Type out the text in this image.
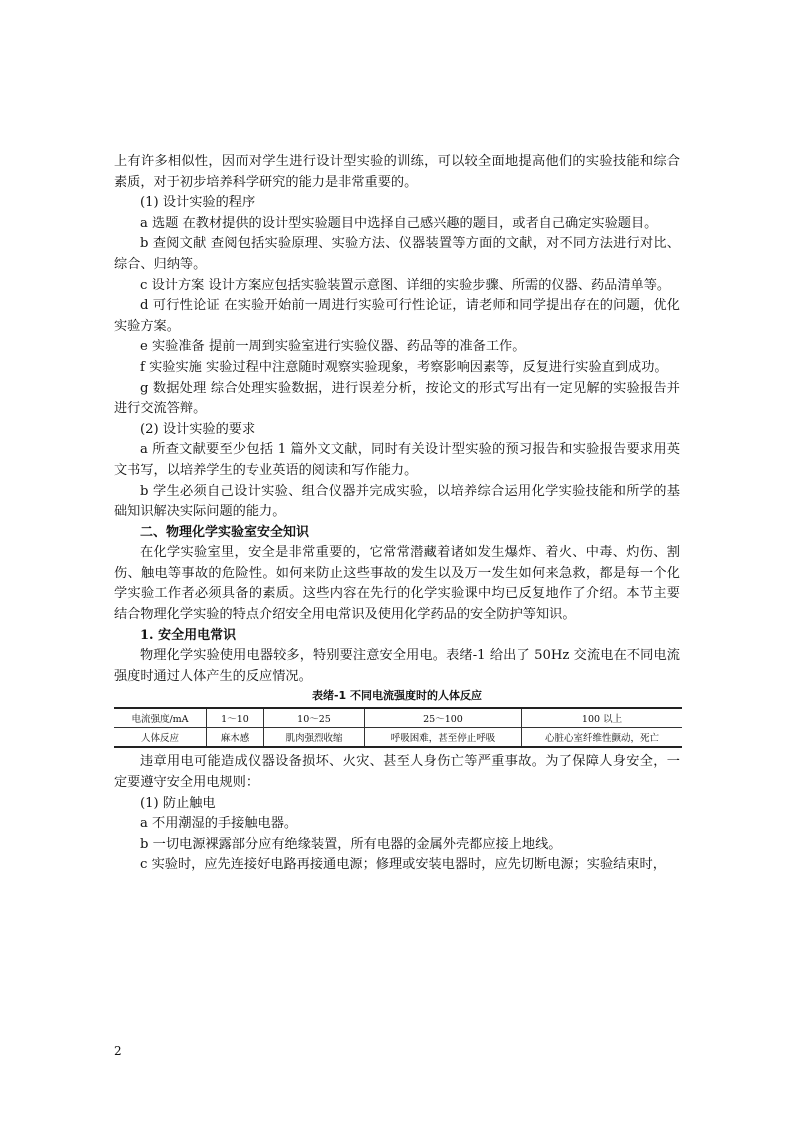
上有许多相似性，因而对学生进行设计型实验的训练，可以较全面地提高他们的实验技能和综合素质，对于初步培养科学研究的能力是非常重要的。

(1) 设计实验的程序

a 选题 在教材提供的设计型实验题目中选择自己感兴趣的题目，或者自己确定实验题目。

b 查阅文献 查阅包括实验原理、实验方法、仪器装置等方面的文献，对不同方法进行对比、综合、归纳等。

c 设计方案 设计方案应包括实验装置示意图、详细的实验步骤、所需的仪器、药品清单等。

d 可行性论证 在实验开始前一周进行实验可行性论证，请老师和同学提出存在的问题，优化实验方案。

e 实验准备 提前一周到实验室进行实验仪器、药品等的准备工作。

f 实验实施 实验过程中注意随时观察实验现象，考察影响因素等，反复进行实验直到成功。

g 数据处理 综合处理实验数据，进行误差分析，按论文的形式写出有一定见解的实验报告并进行交流答辩。

(2) 设计实验的要求

a 所查文献要至少包括 1 篇外文文献，同时有关设计型实验的预习报告和实验报告要求用英文书写，以培养学生的专业英语的阅读和写作能力。

b 学生必须自己设计实验、组合仪器并完成实验，以培养综合运用化学实验技能和所学的基础知识解决实际问题的能力。

二、物理化学实验室安全知识

在化学实验室里，安全是非常重要的，它常常潜藏着诸如发生爆炸、着火、中毒、灼伤、割伤、触电等事故的危险性。如何来防止这些事故的发生以及万一发生如何来急救，都是每一个化学实验工作者必须具备的素质。这些内容在先行的化学实验课中均已反复地作了介绍。本节主要结合物理化学实验的特点介绍安全用电常识及使用化学药品的安全防护等知识。

1. 安全用电常识

物理化学实验使用电器较多，特别要注意安全用电。表绪-1 给出了 50Hz 交流电在不同电流强度时通过人体产生的反应情况。

表绪-1 不同电流强度时的人体反应

电流强度/mA	1～10	10～25	25～100	100 以上
人体反应	麻木感	肌肉强烈收缩	呼吸困难，甚至停止呼吸	心脏心室纤维性颤动，死亡

违章用电可能造成仪器设备损坏、火灾、甚至人身伤亡等严重事故。为了保障人身安全，一定要遵守安全用电规则：

(1) 防止触电

a 不用潮湿的手接触电器。

b 一切电源裸露部分应有绝缘装置，所有电器的金属外壳都应接上地线。

c 实验时，应先连接好电路再接通电源；修理或安装电器时，应先切断电源；实验结束时，

2
